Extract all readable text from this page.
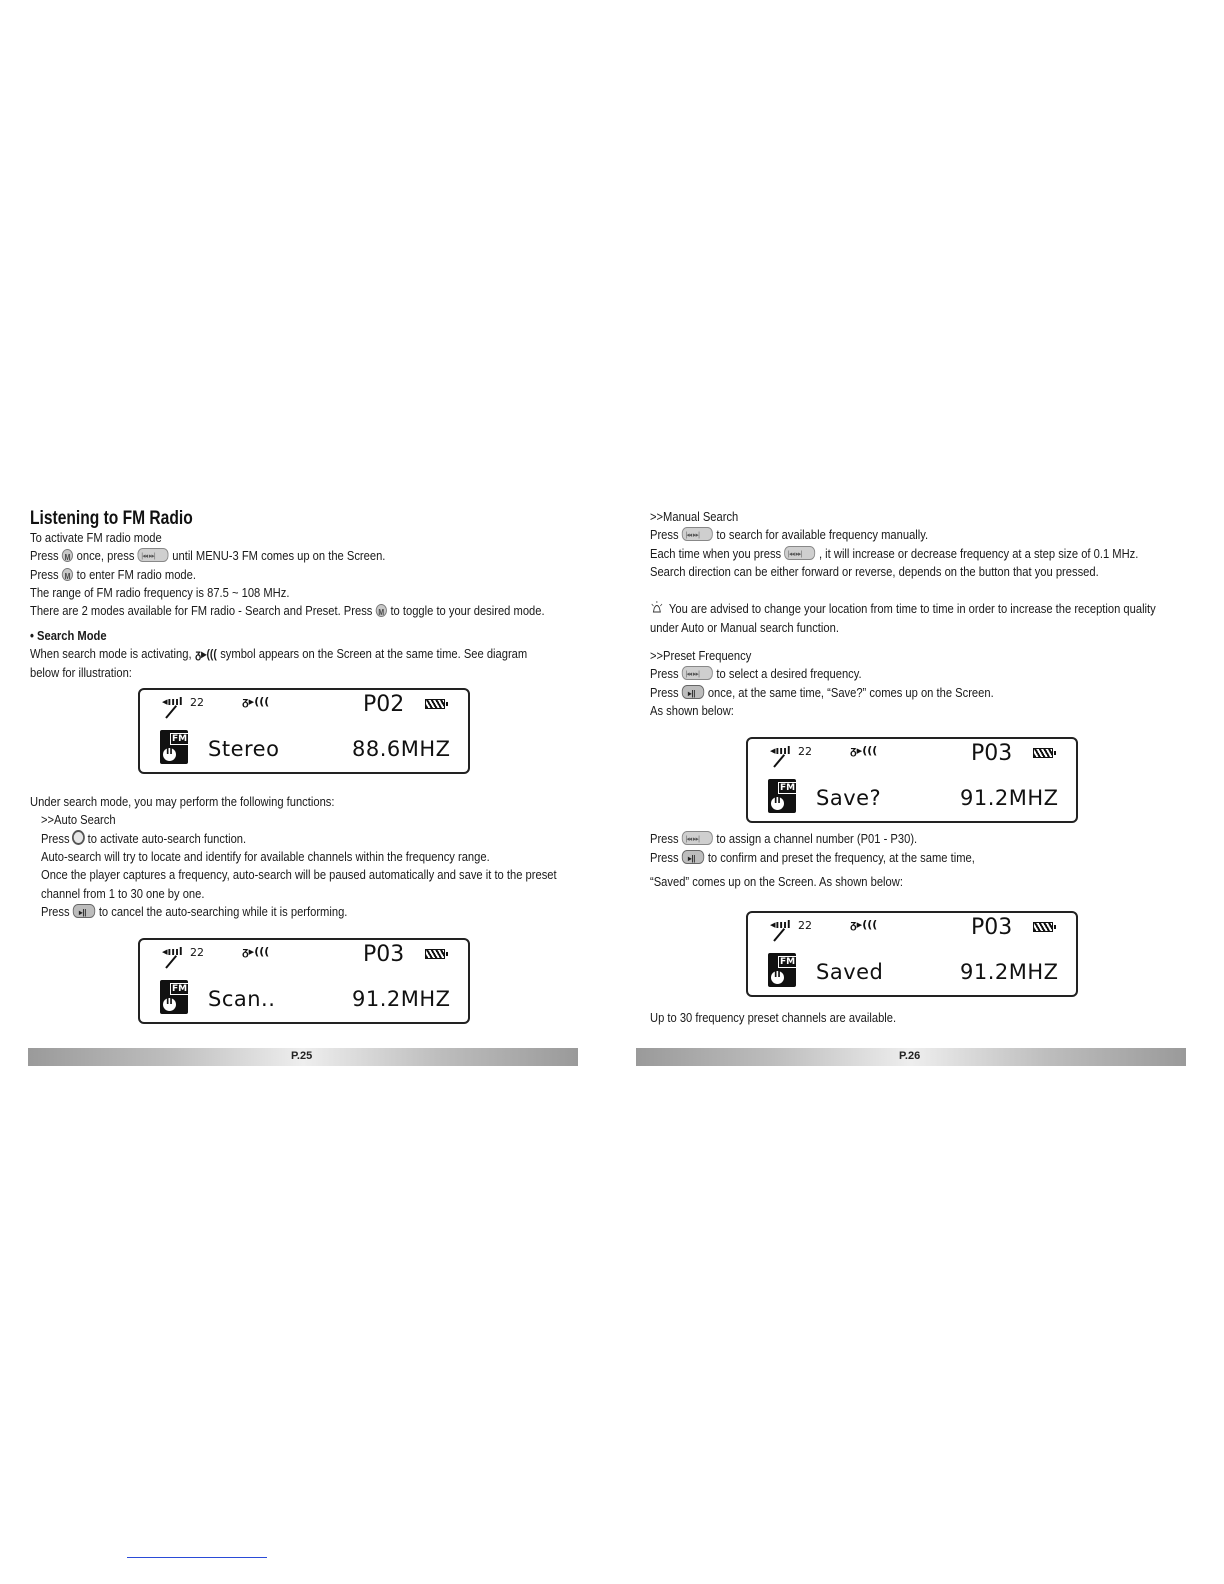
Listening to FM Radio
To activate FM radio mode
Press M once, press |◂◂ ▸▸|	until MENU-3 FM comes up on the Screen.
Press M to enter FM radio mode.
The range of FM radio frequency is 87.5 ~ 108 MHz.
There are 2 modes available for FM radio - Search and Preset. Press M to toggle to your desired mode.
• Search Mode
When search mode is activating, ᵹ▸((( symbol appears on the Screen at the same time. See diagram
below for illustration:
◂ıııl 22	ᵹ▸(((	P02
FM II Stereo	88.6MHZ
Under search mode, you may perform the following functions:
>>Auto Search
Press to activate auto-search function.
Auto-search will try to locate and identify for available channels within the frequency range.
Once the player captures a frequency, auto-search will be paused automatically and save it to the preset
channel from 1 to 30 one by one.
Press ▸|| to cancel the auto-searching while it is performing.
◂ıııl 22	ᵹ▸(((	P03
FM II Scan..	91.2MHZ
P.25
>>Manual Search
Press |◂◂ ▸▸|	to search for available frequency manually.
Each time when you press |◂◂ ▸▸|	, it will increase or decrease frequency at a step size of 0.1 MHz.
Search direction can be either forward or reverse, depends on the button that you pressed.
You are advised to change your location from time to time in order to increase the reception quality
under Auto or Manual search function.
>>Preset Frequency
Press |◂◂ ▸▸|	to select a desired frequency.
Press ▸|| once, at the same time, “Save?” comes up on the Screen.
As shown below:
◂ıııl 22	ᵹ▸(((	P03
FM II Save?	91.2MHZ
Press |◂◂ ▸▸|	to assign a channel number (P01 - P30).
Press ▸|| to confirm and preset the frequency, at the same time,
“Saved” comes up on the Screen. As shown below:
◂ıııl 22	ᵹ▸(((	P03
FM II Saved	91.2MHZ
Up to 30 frequency preset channels are available.
P.26
